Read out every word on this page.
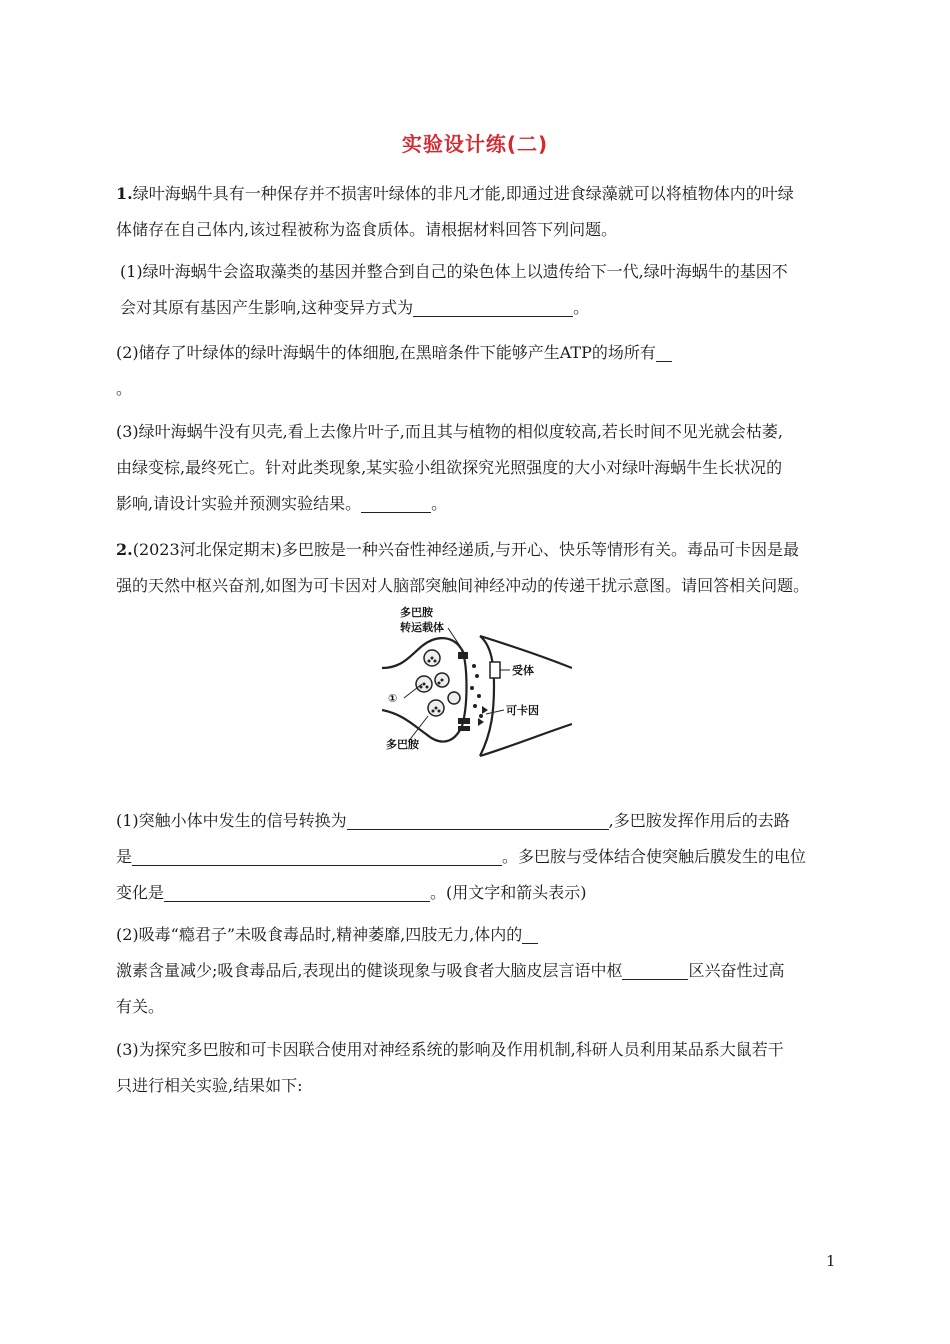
实验设计练(二)
1.绿叶海蜗牛具有一种保存并不损害叶绿体的非凡才能,即通过进食绿藻就可以将植物体内的叶绿
体储存在自己体内,该过程被称为盗食质体。请根据材料回答下列问题。
(1)绿叶海蜗牛会盗取藻类的基因并整合到自己的染色体上以遗传给下一代,绿叶海蜗牛的基因不
会对其原有基因产生影响,这种变异方式为	。
(2)储存了叶绿体的绿叶海蜗牛的体细胞,在黑暗条件下能够产生ATP的场所有
。
(3)绿叶海蜗牛没有贝壳,看上去像片叶子,而且其与植物的相似度较高,若长时间不见光就会枯萎,
由绿变棕,最终死亡。针对此类现象,某实验小组欲探究光照强度的大小对绿叶海蜗牛生长状况的
影响,请设计实验并预测实验结果。	。
2.(2023河北保定期末)多巴胺是一种兴奋性神经递质,与开心、快乐等情形有关。毒品可卡因是最
强的天然中枢兴奋剂,如图为可卡因对人脑部突触间神经冲动的传递干扰示意图。请回答相关问题。
多巴胺
转运载体
受体
①
可卡因
多巴胺
(1)突触小体中发生的信号转换为	,多巴胺发挥作用后的去路
是	。多巴胺与受体结合使突触后膜发生的电位
变化是	。(用文字和箭头表示)
(2)吸毒“瘾君子”未吸食毒品时,精神萎靡,四肢无力,体内的
激素含量减少;吸食毒品后,表现出的健谈现象与吸食者大脑皮层言语中枢	区兴奋性过高
有关。
(3)为探究多巴胺和可卡因联合使用对神经系统的影响及作用机制,科研人员利用某品系大鼠若干
只进行相关实验,结果如下:
1
